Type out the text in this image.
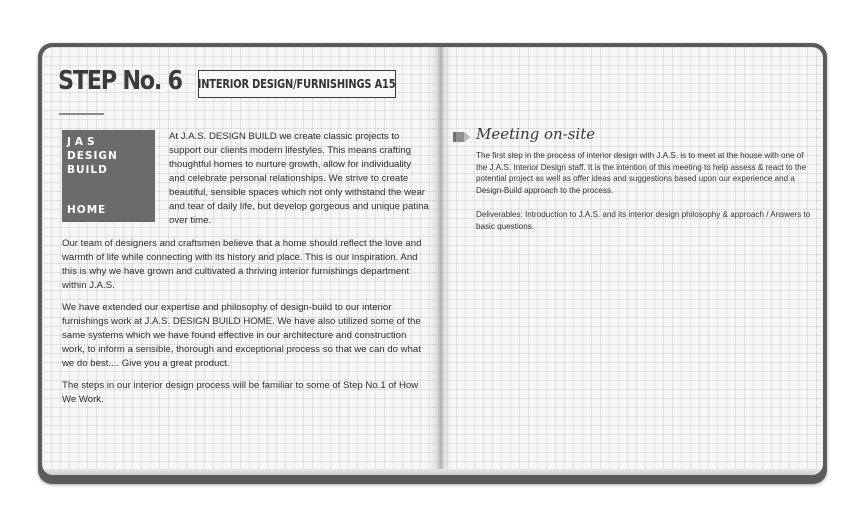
STEP No. 6 INTERIOR DESIGN/FURNISHINGS A15
JAS
DESIGN
BUILD
HOME

At J.A.S. DESIGN BUILD we create classic projects to support our clients modern lifestyles. This means crafting thoughtful homes to nurture growth, allow for individuality and celebrate personal relationships. We strive to create beautiful, sensible spaces which not only withstand the wear and tear of daily life, but develop gorgeous and unique patina over time.

Our team of designers and craftsmen believe that a home should reflect the love and warmth of life while connecting with its history and place. This is our inspiration. And this is why we have grown and cultivated a thriving interior furnishings department within J.A.S.

We have extended our expertise and philosophy of design-build to our interior furnishings work at J.A.S. DESIGN BUILD HOME. We have also utilized some of the same systems which we have found effective in our architecture and construction work, to inform a sensible, thorough and exceptional process so that we can do what we do best.... Give you a great product.

The steps in our interior design process will be familiar to some of Step No.1 of How We Work.

Meeting on-site

The first step in the process of interior design with J.A.S. is to meet at the house with one of the J.A.S. Interior Design staff. It is the intention of this meeting to help assess & react to the potential project as well as offer ideas and suggestions based upon our experience and a Design-Build approach to the process.

Deliverables: Introduction to J.A.S. and its interior design philosophy & approach / Answers to basic questions.
